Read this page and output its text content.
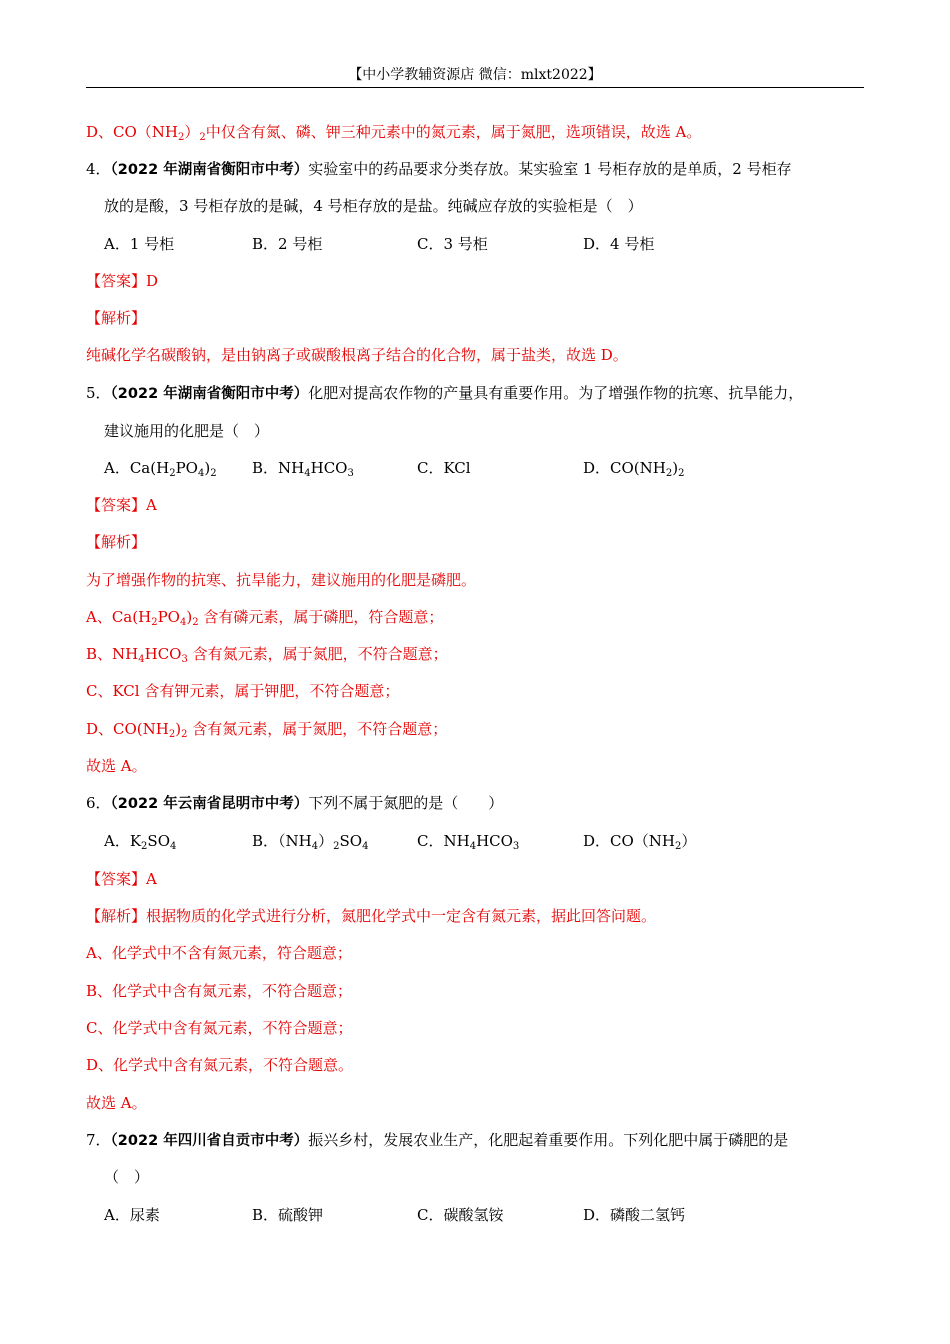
【中小学教辅资源店 微信：mlxt2022】
D、$CO(NH_2)_2$中仅含有氮、磷、钾三种元素中的氮元素，属于氮肥，选项错误，故选 A。
4．（2022 年湖南省衡阳市中考）实验室中的药品要求分类存放。某实验室 1 号柜存放的是单质，2 号柜存
放的是酸，3 号柜存放的是碱，4 号柜存放的是盐。纯碱应存放的实验柜是（　）
A．1 号柜	B．2 号柜	C．3 号柜	D．4 号柜
【答案】D
【解析】
纯碱化学名碳酸钠，是由钠离子或碳酸根离子结合的化合物，属于盐类，故选 D。
5．（2022 年湖南省衡阳市中考）化肥对提高农作物的产量具有重要作用。为了增强作物的抗寒、抗旱能力，
建议施用的化肥是（　）
A．$Ca(H_2PO_4)_2$ B．$NH_4HCO_3$	C．KCl	D．$CO(NH_2)_2$
【答案】A
【解析】
为了增强作物的抗寒、抗旱能力，建议施用的化肥是磷肥。
A、$Ca(H_2PO_4)_2$ 含有磷元素，属于磷肥，符合题意；
B、$NH_4HCO_3$ 含有氮元素，属于氮肥，不符合题意；
C、KCl 含有钾元素，属于钾肥，不符合题意；
D、$CO(NH_2)_2$ 含有氮元素，属于氮肥，不符合题意；
故选 A。
6．（2022 年云南省昆明市中考）下列不属于氮肥的是（　　）
A．$K_2SO_4$	B．$(NH_4)_2SO_4$	C．$NH_4HCO_3$	D．$CO(NH_2)$
【答案】A
【解析】根据物质的化学式进行分析，氮肥化学式中一定含有氮元素，据此回答问题。
A、化学式中不含有氮元素，符合题意；
B、化学式中含有氮元素，不符合题意；
C、化学式中含有氮元素，不符合题意；
D、化学式中含有氮元素，不符合题意。
故选 A。
7．（2022 年四川省自贡市中考）振兴乡村，发展农业生产，化肥起着重要作用。下列化肥中属于磷肥的是
（　）
A．尿素	B．硫酸钾	C．碳酸氢铵	D．磷酸二氢钙
